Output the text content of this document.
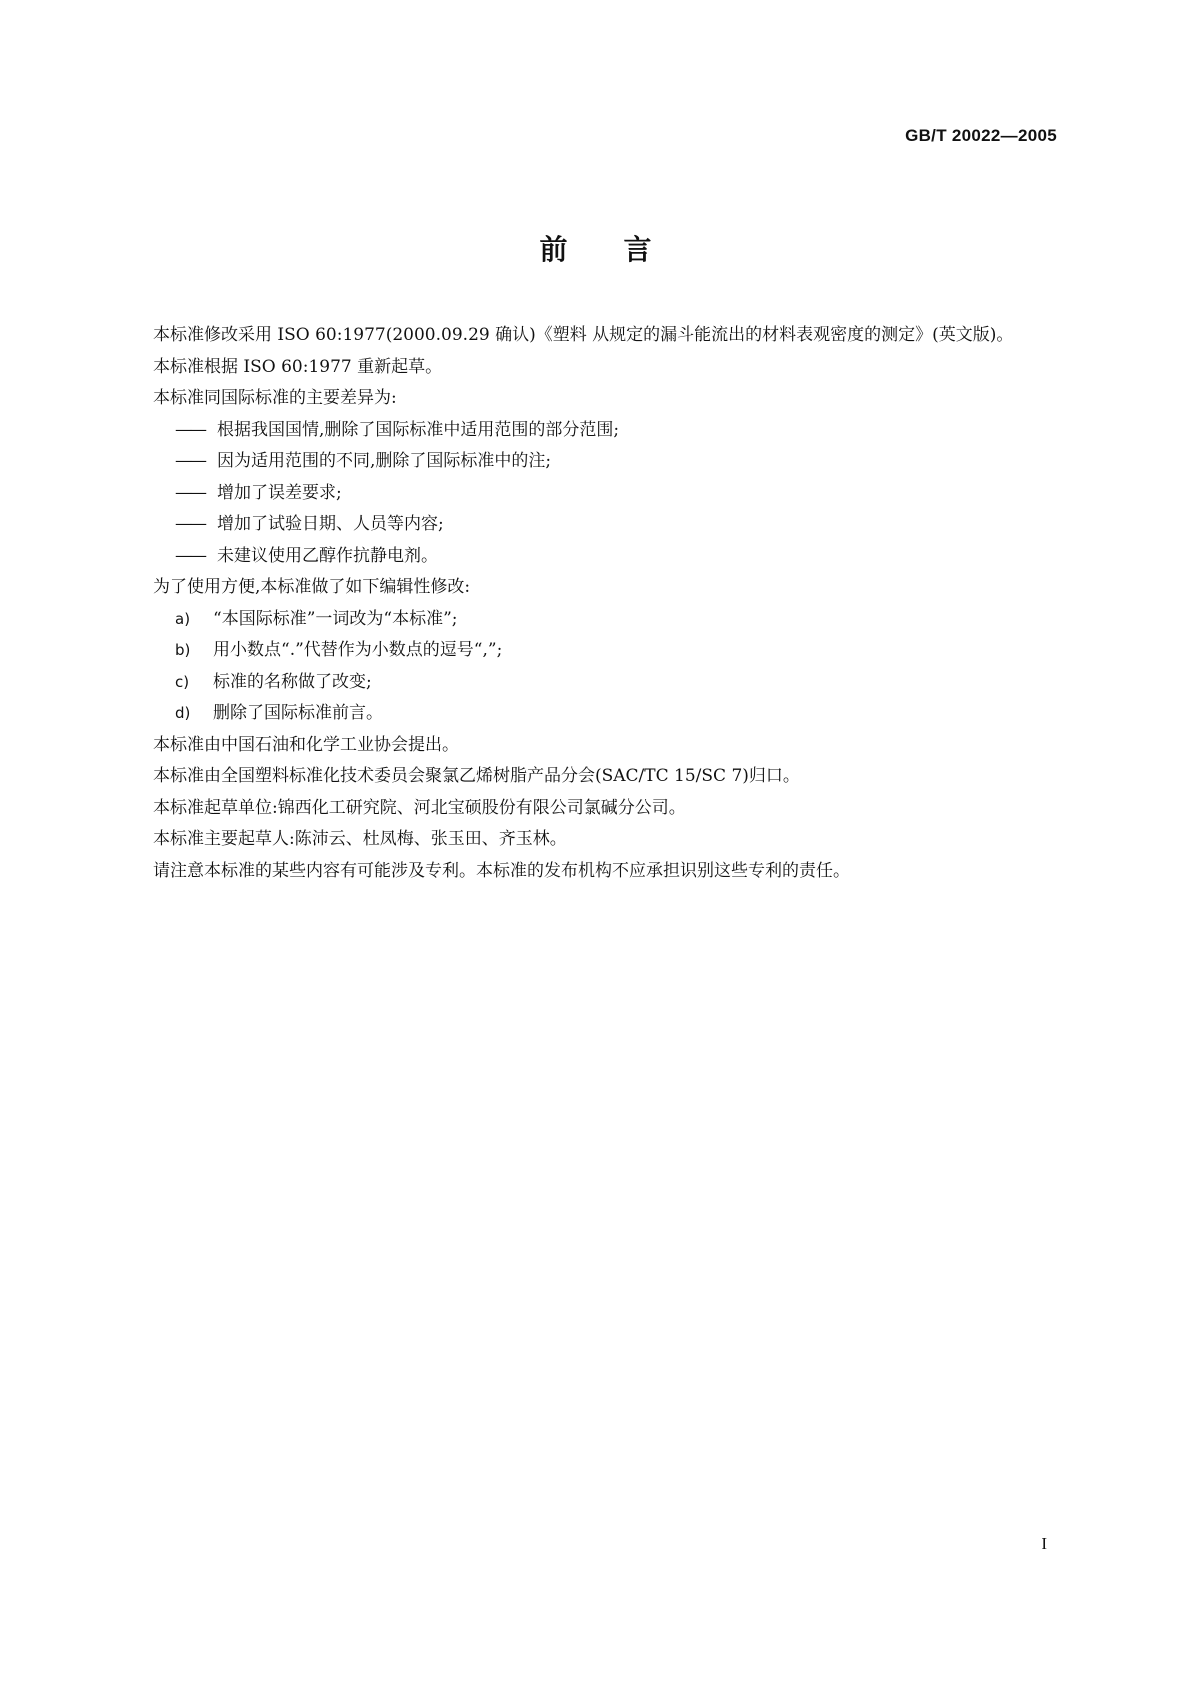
GB/T 20022—2005
前言

本标准修改采用 ISO 60:1977(2000.09.29 确认)《塑料 从规定的漏斗能流出的材料表观密度的测定》(英文版)。

本标准根据 ISO 60:1977 重新起草。

本标准同国际标准的主要差异为:

—— 根据我国国情,删除了国际标准中适用范围的部分范围;

—— 因为适用范围的不同,删除了国际标准中的注;

—— 增加了误差要求;

—— 增加了试验日期、人员等内容;

—— 未建议使用乙醇作抗静电剂。

为了使用方便,本标准做了如下编辑性修改:

a) “本国际标准”一词改为“本标准”;

b) 用小数点“.”代替作为小数点的逗号“,”;

c) 标准的名称做了改变;

d) 删除了国际标准前言。

本标准由中国石油和化学工业协会提出。

本标准由全国塑料标准化技术委员会聚氯乙烯树脂产品分会(SAC/TC 15/SC 7)归口。

本标准起草单位:锦西化工研究院、河北宝硕股份有限公司氯碱分公司。

本标准主要起草人:陈沛云、杜凤梅、张玉田、齐玉林。

请注意本标准的某些内容有可能涉及专利。本标准的发布机构不应承担识别这些专利的责任。

I
